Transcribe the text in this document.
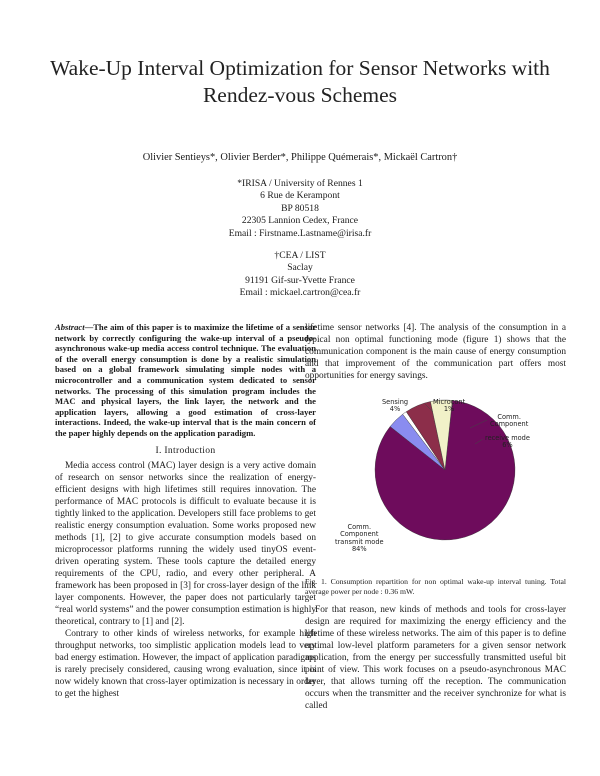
Wake-Up Interval Optimization for Sensor Networks with Rendez-vous Schemes
Olivier Sentieys*, Olivier Berder*, Philippe Quémerais*, Mickaël Cartron†
*IRISA / University of Rennes 1
6 Rue de Kerampont
BP 80518
22305 Lannion Cedex, France
Email : Firstname.Lastname@irisa.fr
†CEA / LIST
Saclay
91191 Gif-sur-Yvette France
Email : mickael.cartron@cea.fr

Abstract—The aim of this paper is to maximize the lifetime of a sensor network by correctly configuring the wake-up interval of a pseudo-asynchronous wake-up media access control technique. The evaluation of the overall energy consumption is done by a realistic simulation based on a global framework simulating simple nodes with a microcontroller and a communication system dedicated to sensor networks. The processing of this simulation program includes the MAC and physical layers, the link layer, the network and the application layers, allowing a good estimation of cross-layer interactions. Indeed, the wake-up interval that is the main concern of the paper highly depends on the application paradigm.

I. Introduction

Media access control (MAC) layer design is a very active domain of research on sensor networks since the realization of energy-efficient designs with high lifetimes still requires innovation. The performance of MAC protocols is difficult to evaluate because it is tightly linked to the application. Developers still face problems to get realistic energy consumption evaluation. Some works proposed new methods [1], [2] to give accurate consumption models based on microprocessor platforms running the widely used tinyOS event-driven operating system. These tools capture the detailed energy requirements of the CPU, radio, and every other peripheral. A framework has been proposed in [3] for cross-layer design of the link layer components. However, the paper does not particularly target “real world systems” and the power consumption estimation is highly theoretical, contrary to [1] and [2].

Contrary to other kinds of wireless networks, for example high throughput networks, too simplistic application models lead to very bad energy estimation. However, the impact of application paradigms is rarely precisely considered, causing wrong evaluation, since it is now widely known that cross-layer optimization is necessary in order to get the highest

lifetime sensor networks [4]. The analysis of the consumption in a typical non optimal functioning mode (figure 1) shows that the communication component is the main cause of energy consumption and that improvement of the communication part offers most opportunities for energy savings.

Sensing
4%
Microcont
1%
Comm.
Component
receive mode
6%
Comm.
Component
transmit mode
84%
Fig. 1. Consumption repartition for non optimal wake-up interval tuning. Total average power per node : 0.36 mW.

For that reason, new kinds of methods and tools for cross-layer design are required for maximizing the energy efficiency and the lifetime of these wireless networks. The aim of this paper is to define optimal low-level platform parameters for a given sensor network application, from the energy per successfully transmitted useful bit point of view. This work focuses on a pseudo-asynchronous MAC layer, that allows turning off the reception. The communication occurs when the transmitter and the receiver synchronize for what is called
